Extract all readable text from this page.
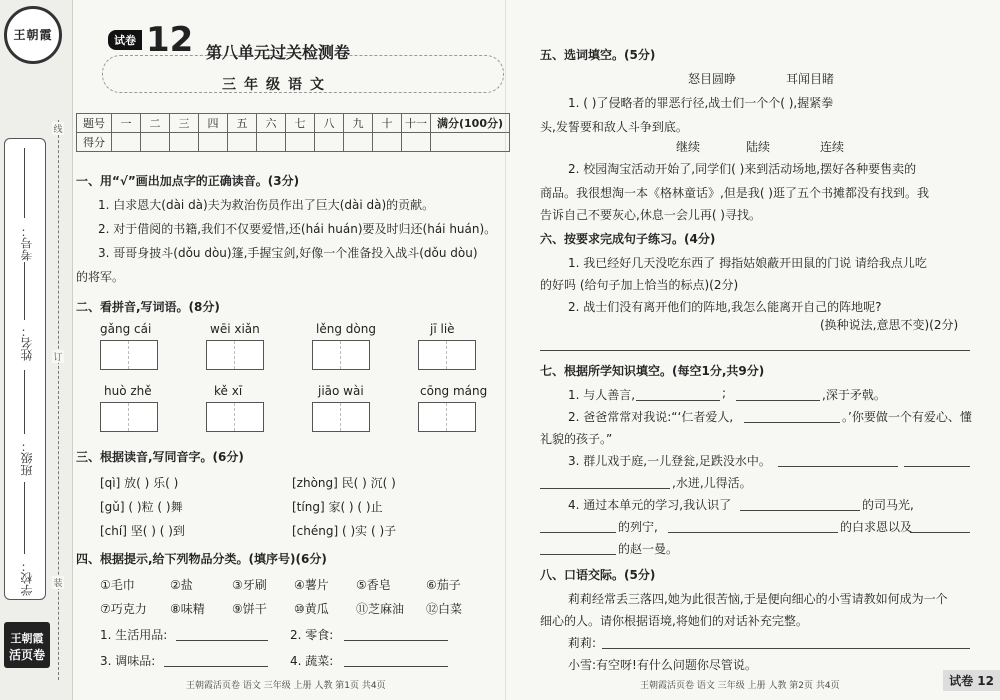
王朝霞
线
订
装
考号：
姓名：
班级：
学校：
王朝霞
活页卷
试卷 12 第八单元过关检测卷
三年级语文
题号	一	二	三	四	五	六	七	八	九	十	十一	满分(100分)
得分												
一、用“√”画出加点字的正确读音。(3分)
1. 白求恩大(dài dà)夫为救治伤员作出了巨大(dài dà)的贡献。
2. 对于借阅的书籍,我们不仅要爱惜,还(hái huán)要及时归还(hái huán)。
3. 哥哥身披斗(dǒu dòu)篷,手握宝剑,好像一个准备投入战斗(dǒu dòu)
的将军。
二、看拼音,写词语。(8分)
gǎng cái	wēi xiǎn	lěng dòng	jī liè
huò zhě	kě xī	jiāo wài	cōng máng
三、根据读音,写同音字。(6分)
[qì] 放( ) 乐( )	[zhòng] 民( ) 沉( )
[gǔ] ( )粒 ( )舞	[tíng] 家( ) ( )止
[chí] 坚( ) ( )到	[chéng] ( )实 ( )子
四、根据提示,给下列物品分类。(填序号)(6分)
①毛巾	②盐	③牙刷 ④薯片 ⑤香皂	⑥茄子
⑦巧克力 ⑧味精 ⑨饼干 ⑩黄瓜 ⑪芝麻油 ⑫白菜
1. 生活用品:	2. 零食:
3. 调味品:	4. 蔬菜:
王朝霞活页卷 语文 三年级 上册 人教 第1页 共4页
五、选词填空。(5分)
怒目圆睁	耳闻目睹
1. ( )了侵略者的罪恶行径,战士们一个个( ),握紧拳
头,发誓要和敌人斗争到底。
继续	陆续	连续
2. 校园淘宝活动开始了,同学们( )来到活动场地,摆好各种要售卖的
商品。我很想淘一本《格林童话》,但是我( )逛了五个书摊都没有找到。我
告诉自己不要灰心,休息一会儿再( )寻找。
六、按要求完成句子练习。(4分)
1. 我已经好几天没吃东西了 拇指姑娘蔽开田鼠的门说 请给我点儿吃
的好吗 (给句子加上恰当的标点)(2分)
2. 战士们没有离开他们的阵地,我怎么能离开自己的阵地呢?
(换种说法,意思不变)(2分)
七、根据所学知识填空。(每空1分,共9分)
1. 与人善言,	;	,深于矛戟。
2. 爸爸常常对我说:“‘仁者爱人,	。’你要做一个有爱心、懂
礼貌的孩子。”
3. 群儿戏于庭,一儿登瓮,足跌没水中。
,水迸,儿得活。
4. 通过本单元的学习,我认识了	的司马光,
的列宁,	的白求恩以及
的赵一曼。
八、口语交际。(5分)
莉莉经常丢三落四,她为此很苦恼,于是便向细心的小雪请教如何成为一个
细心的人。请你根据语境,将她们的对话补充完整。
莉莉:
小雪:有空呀!有什么问题你尽管说。
王朝霞活页卷 语文 三年级 上册 人教 第2页 共4页	试卷 12
